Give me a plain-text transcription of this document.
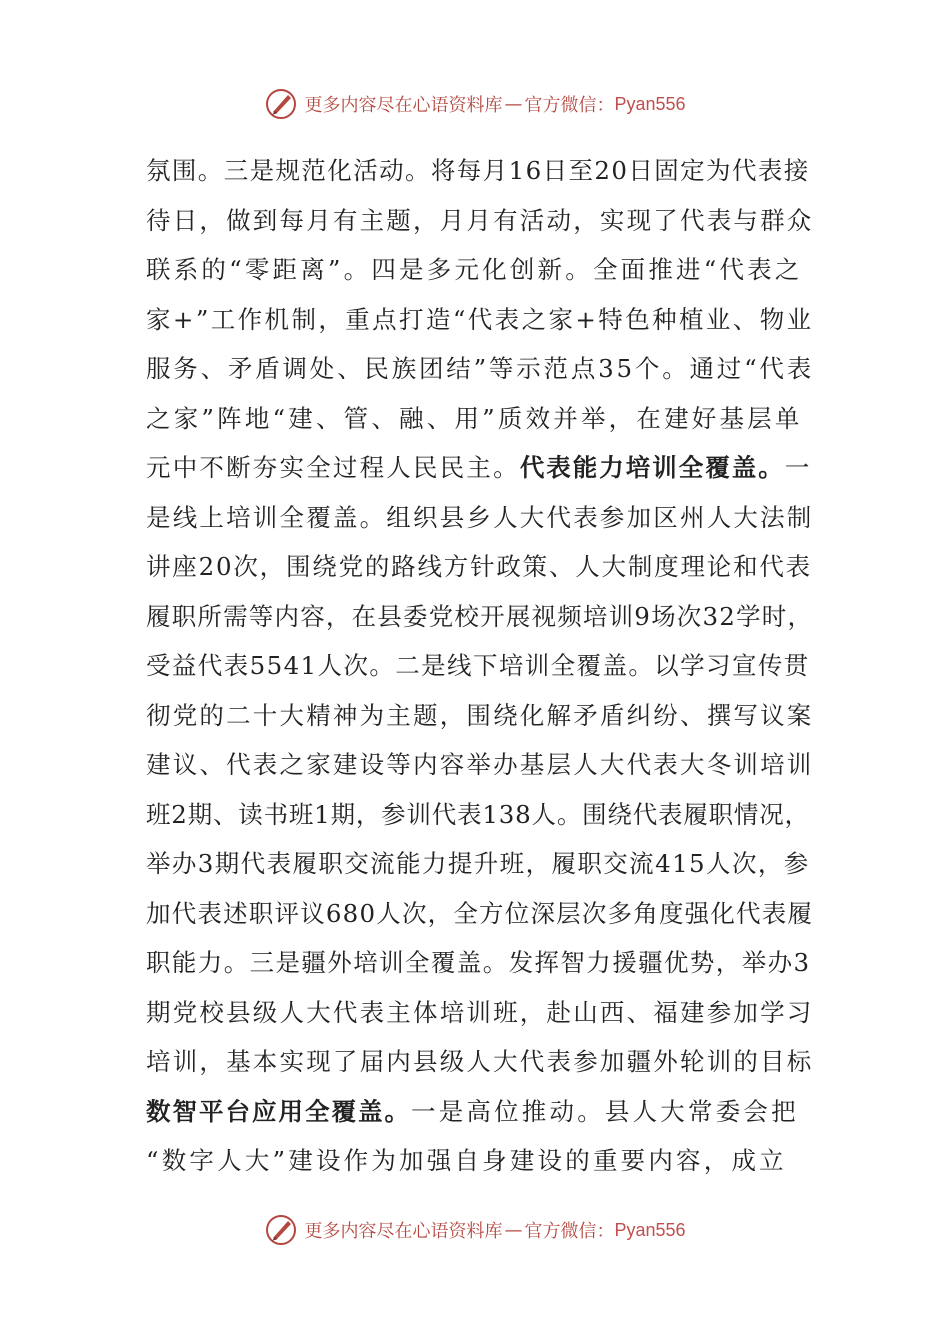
更多内容尽在心语资料库 — 官方微信： Pyan556
氛围。三是规范化活动。将每月16日至20日固定为代表接
待日，做到每月有主题，月月有活动，实现了代表与群众
联系的“零距离”。四是多元化创新。全面推进“代表之
家+”工作机制，重点打造“代表之家+特色种植业、物业
服务、矛盾调处、民族团结”等示范点35个。通过“代表
之家”阵地“建、管、融、用”质效并举，在建好基层单
元中不断夯实全过程人民民主。代表能力培训全覆盖。一
是线上培训全覆盖。组织县乡人大代表参加区州人大法制
讲座20次，围绕党的路线方针政策、人大制度理论和代表
履职所需等内容，在县委党校开展视频培训9场次32学时，
受益代表5541人次。二是线下培训全覆盖。以学习宣传贯
彻党的二十大精神为主题，围绕化解矛盾纠纷、撰写议案
建议、代表之家建设等内容举办基层人大代表大冬训培训
班2期、读书班1期，参训代表138人。围绕代表履职情况，
举办3期代表履职交流能力提升班，履职交流415人次，参
加代表述职评议680人次，全方位深层次多角度强化代表履
职能力。三是疆外培训全覆盖。发挥智力援疆优势，举办3
期党校县级人大代表主体培训班，赴山西、福建参加学习
培训，基本实现了届内县级人大代表参加疆外轮训的目标
数智平台应用全覆盖。一是高位推动。县人大常委会把
“数字人大”建设作为加强自身建设的重要内容，成立
更多内容尽在心语资料库 — 官方微信： Pyan556
